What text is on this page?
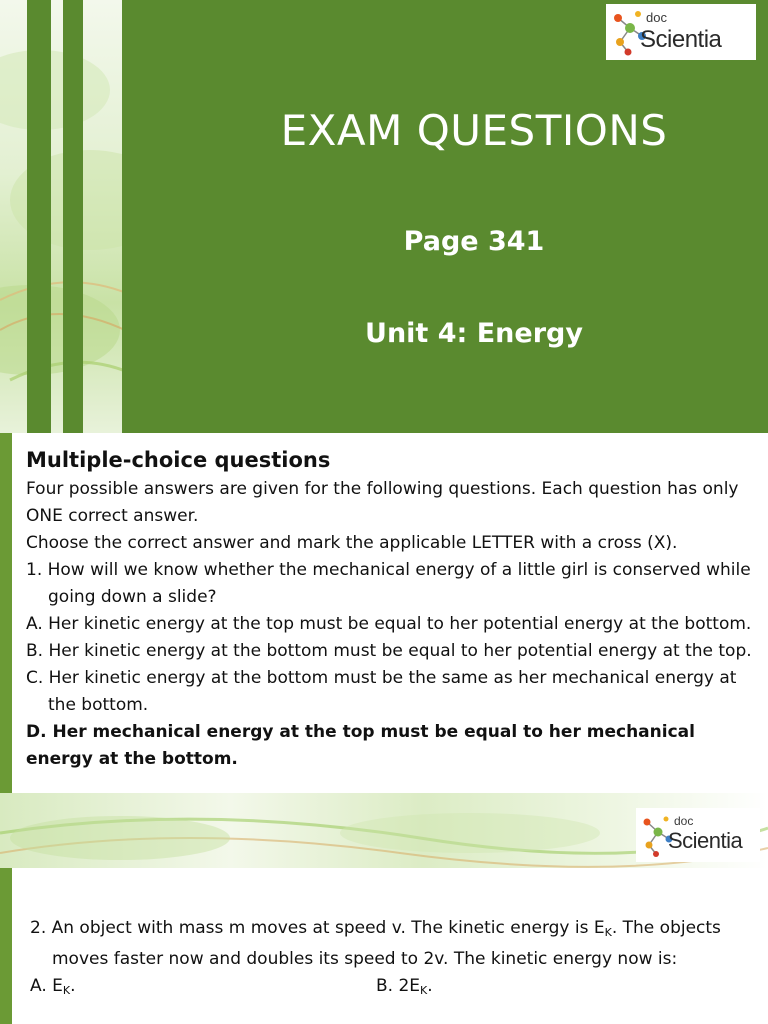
doc
Scientia
EXAM QUESTIONS
Page 341
Unit 4: Energy
Multiple-choice questions

Four possible answers are given for the following questions. Each question has only ONE correct answer.

Choose the correct answer and mark the applicable LETTER with a cross (X).

1. How will we know whether the mechanical energy of a little girl is conserved while going down a slide?

A. Her kinetic energy at the top must be equal to her potential energy at the bottom.

B. Her kinetic energy at the bottom must be equal to her potential energy at the top.

C. Her kinetic energy at the bottom must be the same as her mechanical energy at the bottom.

D. Her mechanical energy at the top must be equal to her mechanical energy at the bottom.

doc
Scientia

2. An object with mass m moves at speed v. The kinetic energy is $E_K$. The objects moves faster now and doubles its speed to 2v. The kinetic energy now is:

A. $E_K$.	B. $2E_K$.
